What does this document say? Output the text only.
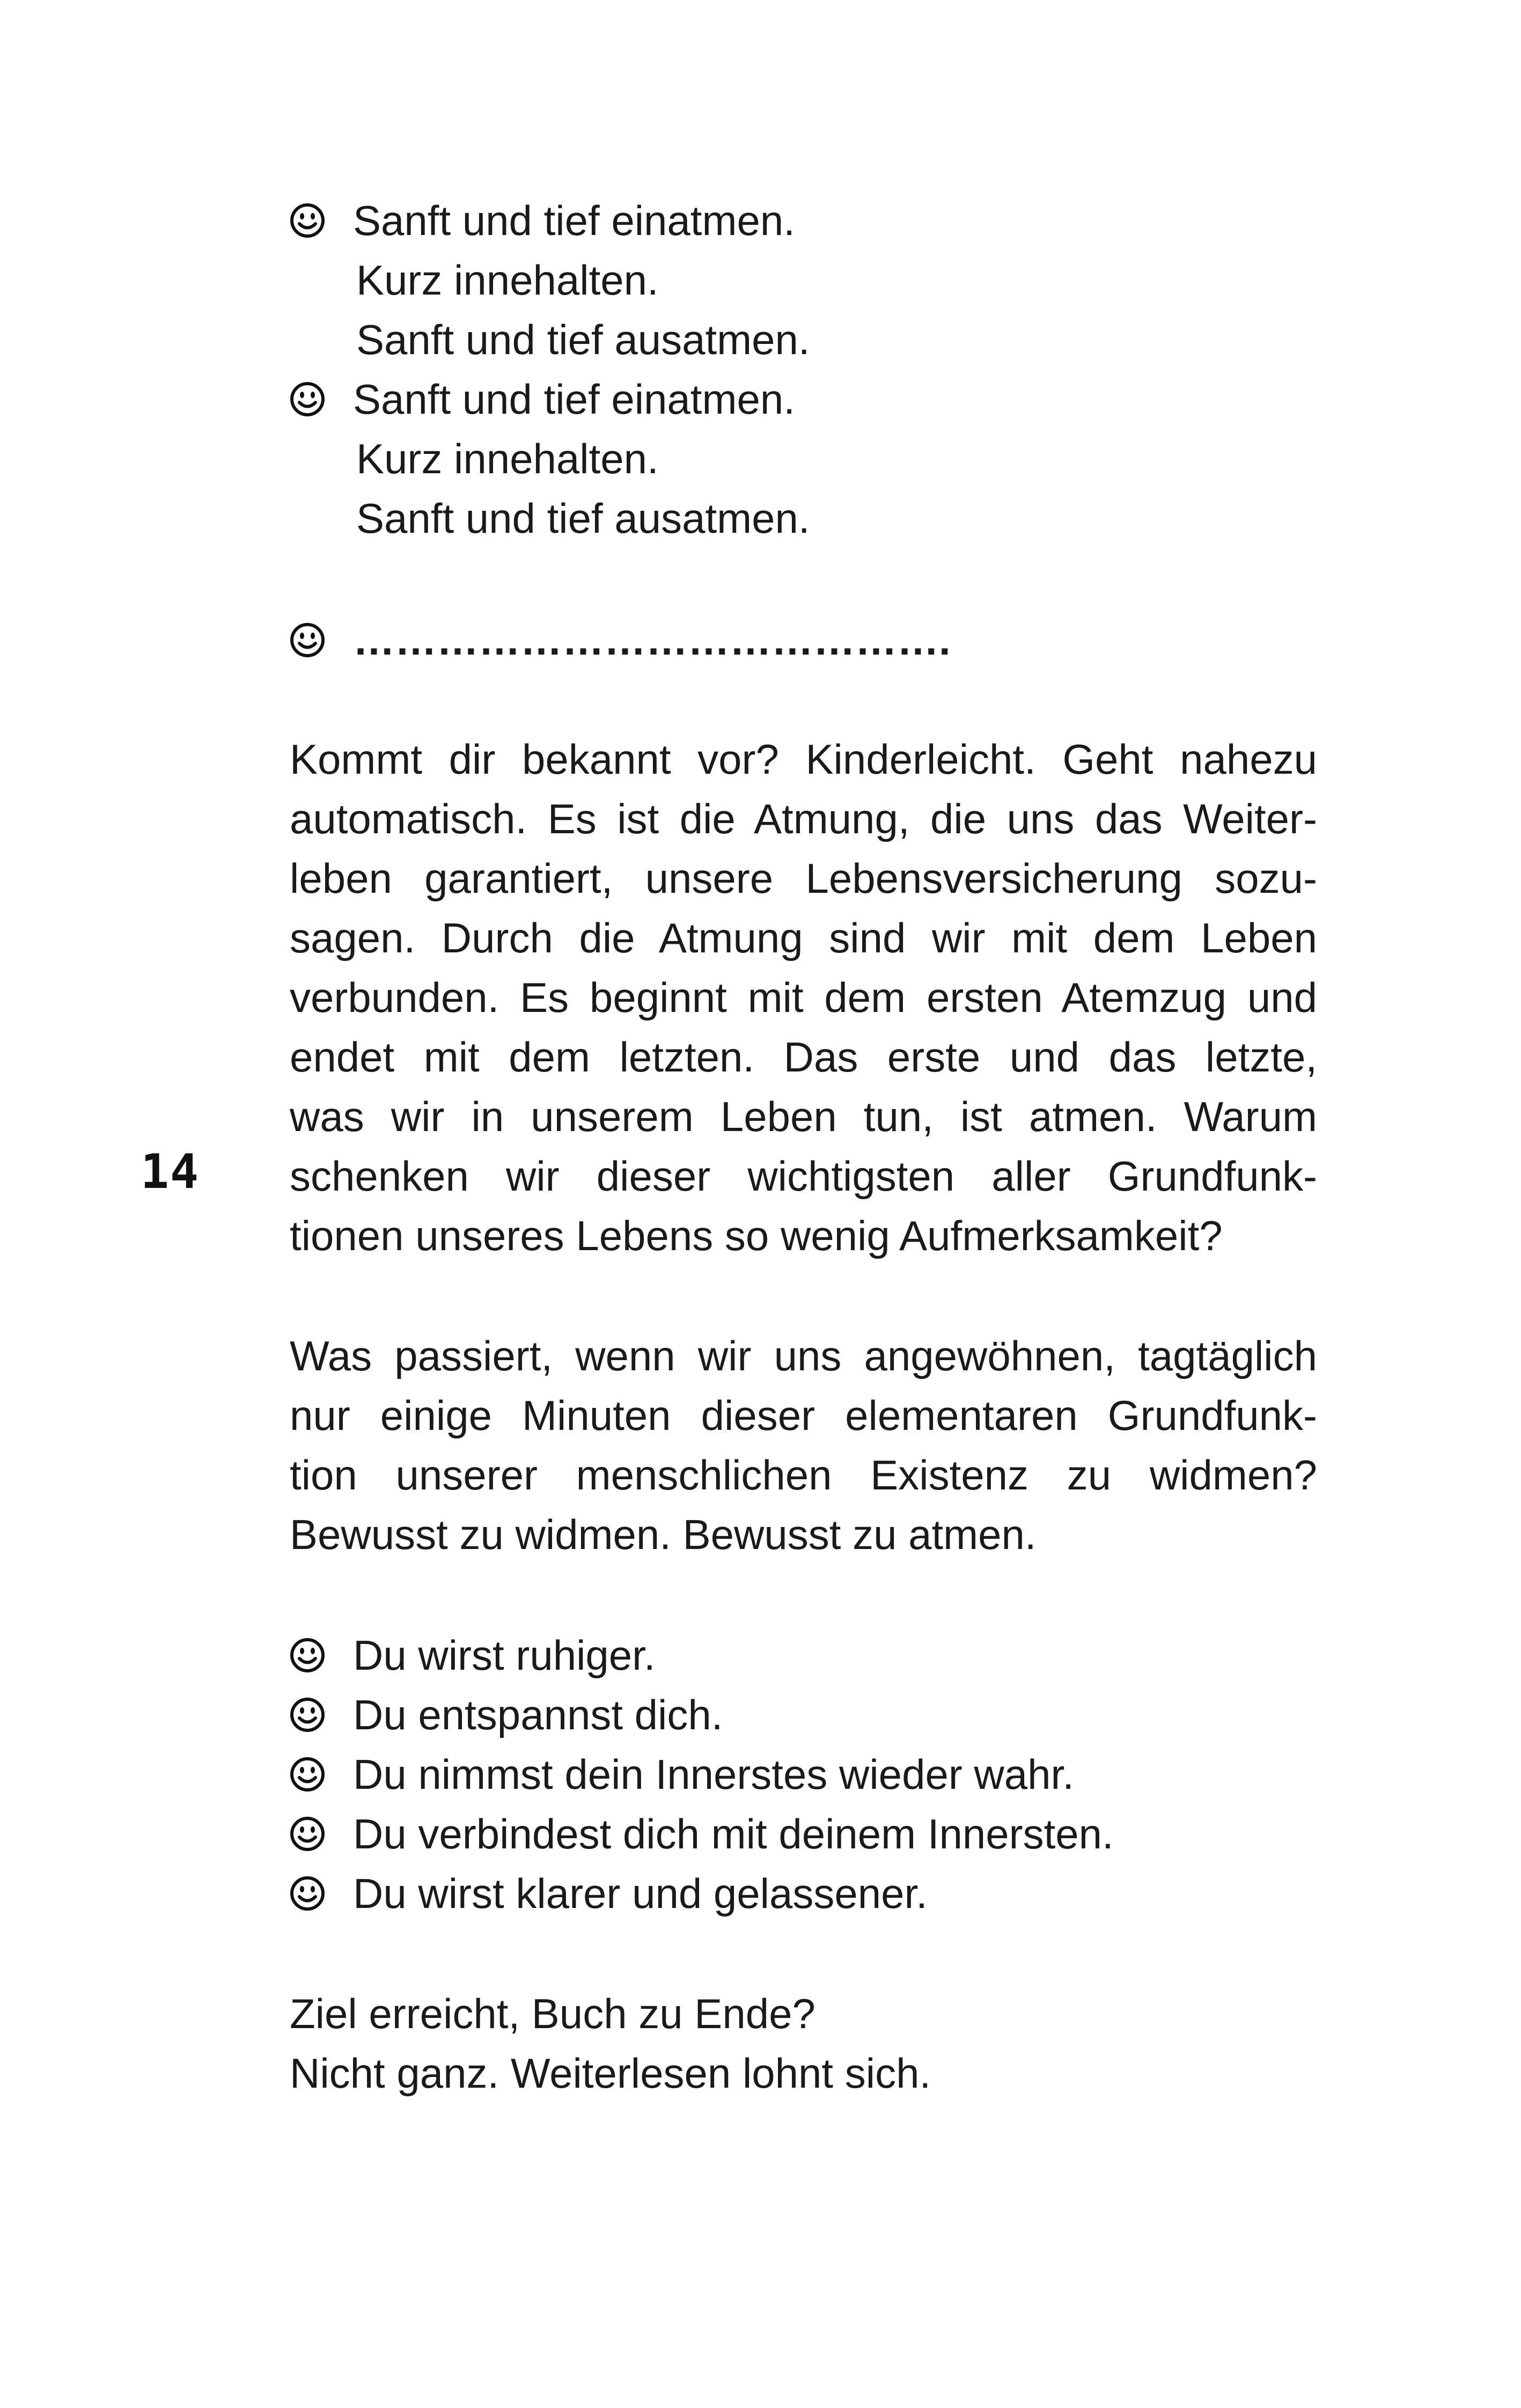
Sanft und tief einatmen.
Kurz innehalten.
Sanft und tief ausatmen.
Sanft und tief einatmen.
Kurz innehalten.
Sanft und tief ausatmen.
…………………………………….
Kommt dir bekannt vor? Kinderleicht. Geht nahezu
automatisch. Es ist die Atmung, die uns das Weiter-
leben garantiert, unsere Lebensversicherung sozu-
sagen. Durch die Atmung sind wir mit dem Leben
verbunden. Es beginnt mit dem ersten Atemzug und
endet mit dem letzten. Das erste und das letzte,
was wir in unserem Leben tun, ist atmen. Warum
schenken wir dieser wichtigsten aller Grundfunk-
tionen unseres Lebens so wenig Aufmerksamkeit?
14
Was passiert, wenn wir uns angewöhnen, tagtäglich
nur einige Minuten dieser elementaren Grundfunk-
tion unserer menschlichen Existenz zu widmen?
Bewusst zu widmen. Bewusst zu atmen.
Du wirst ruhiger.
Du entspannst dich.
Du nimmst dein Innerstes wieder wahr.
Du verbindest dich mit deinem Innersten.
Du wirst klarer und gelassener.
Ziel erreicht, Buch zu Ende?
Nicht ganz. Weiterlesen lohnt sich.
